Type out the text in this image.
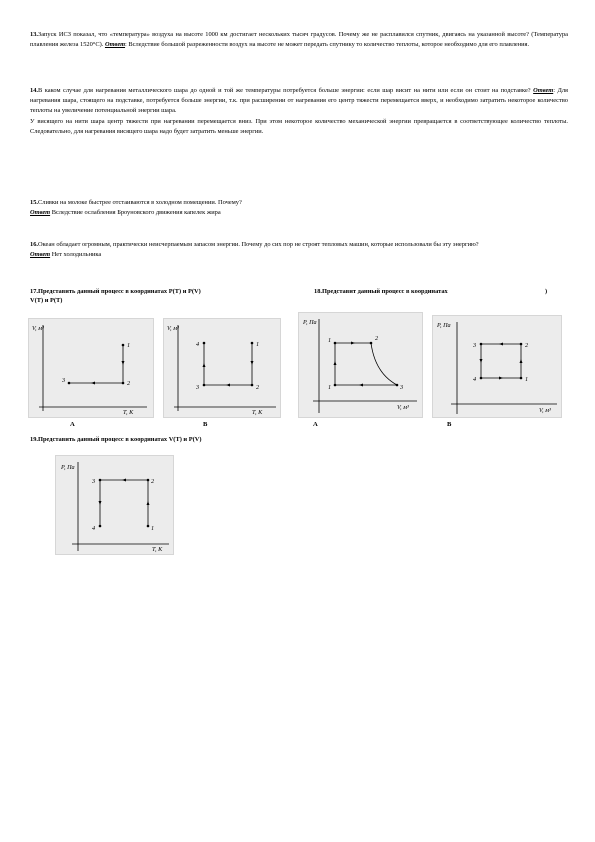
13.Запуск ИСЗ показал, что «температура» воздуха на высоте 1000 км достигает нескольких тысяч градусов. Почему же не расплавился спутник, двигаясь на указанной высоте? (Температура плавления железа 1520°С). Ответ: Вследствие большой разреженности воздух на высоте не может передать спутнику то количество теплоты, которое необходимо для его плавления.

14.В каком случае для нагревания металлического шара до одной и той же температуры потребуется больше энергии: если шар висит на нити или если он стоит на подставке? Ответ: Для нагревания шара, стоящего на подставке, потребуется больше энергии, т.к. при расширении от нагревания его центр тяжести перемещается вверх, и необходимо затратить некоторое количество теплоты на увеличение потенциальной энергии шара.

У висящего на нити шара центр тяжести при нагревании перемещается вниз. При этом некоторое количество механической энергии превращается в соответствующее количество теплоты. Следовательно, для нагревания висящего шара надо будет затратить меньше энергии.

15.Сливки на молоке быстрее отстаиваются в холодном помещении. Почему?
Ответ Вследствие ослабления Броуновского движения капелек жира

16.Океан обладает огромным, практически неисчерпаемым запасом энергии. Почему до сих пор не строят тепловых машин, которые использовали бы эту энергию?
Ответ Нет холодильника

17.Представить данный процесс в координатах P(T) и P(V)
V(T) и P(T)
18.Представит данный процесс в координатах	)
V, м³
T, K
1
2
3
V, м³
T, K
1
2
3
4
P, Па
V, м³
1
2
3
1
P, Па
V, м³
1
2
3
4
А	В	А	В
19.Представить данный процесс в координатах V(T) и P(V)
P, Па
T, K
1
2
3
4
